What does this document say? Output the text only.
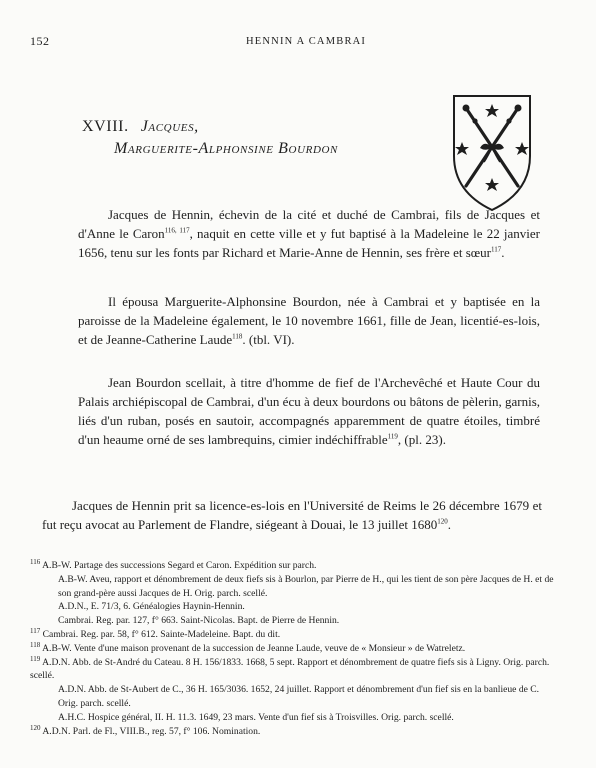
152	HENNIN A CAMBRAI
XVIII. Jacques,
Marguerite-Alphonsine Bourdon

Jacques de Hennin, échevin de la cité et duché de Cambrai, fils de Jacques et d'Anne le Caron$^{116, 117}$, naquit en cette ville et y fut baptisé à la Madeleine le 22 janvier 1656, tenu sur les fonts par Richard et Marie-Anne de Hennin, ses frère et sœur$^{117}$.

Il épousa Marguerite-Alphonsine Bourdon, née à Cambrai et y baptisée en la paroisse de la Madeleine également, le 10 novembre 1661, fille de Jean, licentié-es-lois, et de Jeanne-Catherine Laude$^{118}$. (tbl. VI).

Jean Bourdon scellait, à titre d'homme de fief de l'Archevêché et Haute Cour du Palais archiépiscopal de Cambrai, d'un écu à deux bourdons ou bâtons de pèlerin, garnis, liés d'un ruban, posés en sautoir, accompagnés apparemment de quatre étoiles, timbré d'un heaume orné de ses lambrequins, cimier indéchiffrable$^{119}$, (pl. 23).

Jacques de Hennin prit sa licence-es-lois en l'Université de Reims le 26 décembre 1679 et fut reçu avocat au Parlement de Flandre, siégeant à Douai, le 13 juillet 1680$^{120}$.

$^{116}$ A.B-W. Partage des successions Segard et Caron. Expédition sur parch.

A.B-W. Aveu, rapport et dénombrement de deux fiefs sis à Bourlon, par Pierre de H., qui les tient de son père Jacques de H. et de son grand-père aussi Jacques de H. Orig. parch. scellé.

A.D.N., E. 71/3, 6. Généalogies Haynin-Hennin.

Cambrai. Reg. par. 127, f° 663. Saint-Nicolas. Bapt. de Pierre de Hennin.

$^{117}$ Cambrai. Reg. par. 58, f° 612. Sainte-Madeleine. Bapt. du dit.

$^{118}$ A.B-W. Vente d'une maison provenant de la succession de Jeanne Laude, veuve de « Monsieur » de Watreletz.

$^{119}$ A.D.N. Abb. de St-André du Cateau. 8 H. 156/1833. 1668, 5 sept. Rapport et dénombrement de quatre fiefs sis à Ligny. Orig. parch. scellé.

A.D.N. Abb. de St-Aubert de C., 36 H. 165/3036. 1652, 24 juillet. Rapport et dénombrement d'un fief sis en la banlieue de C. Orig. parch. scellé.

A.H.C. Hospice général, II. H. 11.3. 1649, 23 mars. Vente d'un fief sis à Troisvilles. Orig. parch. scellé.

$^{120}$ A.D.N. Parl. de Fl., VIII.B., reg. 57, f° 106. Nomination.
